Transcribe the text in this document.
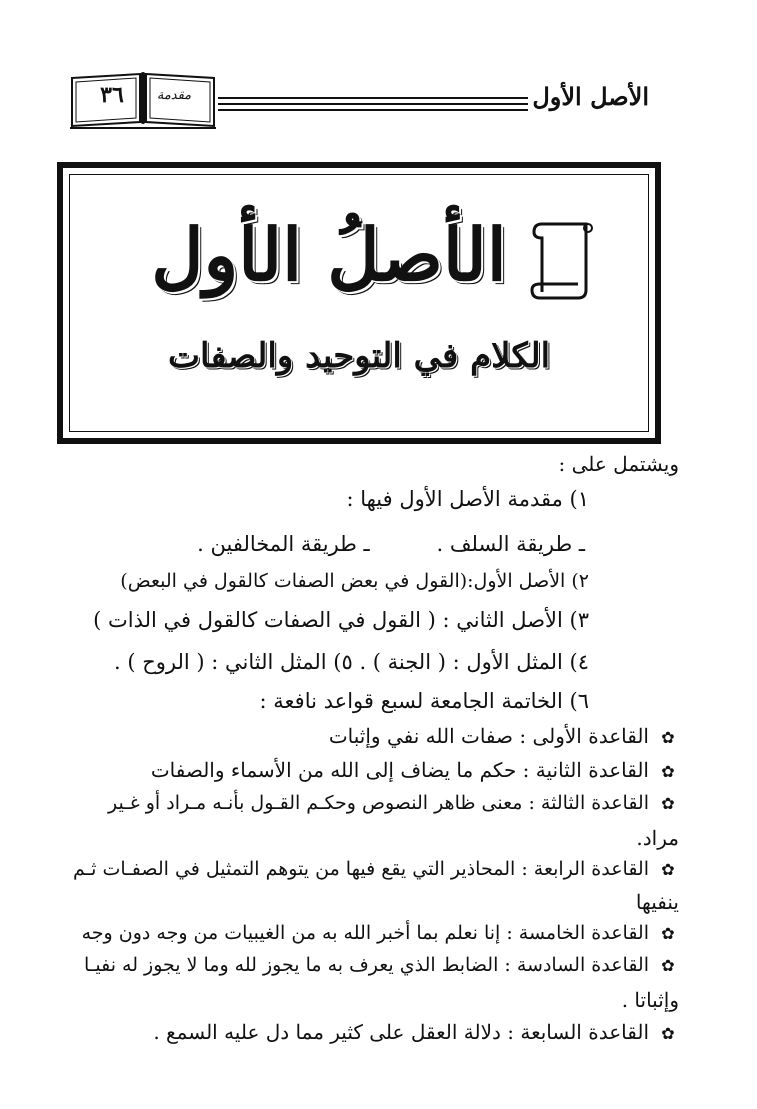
الأصل الأول
٣٦	مقدمة
الأصلُ الأول
الكلام في التوحيد والصفات
ويشتمل على :
١) مقدمة الأصل الأول فيها :
ـ طريقة السلف .          ـ طريقة المخالفين .
٢) الأصل الأول:(القول في بعض الصفات كالقول في البعض)
٣) الأصل الثاني : ( القول في الصفات كالقول في الذات )
٤) المثل الأول : ( الجنة ) . ٥) المثل الثاني : ( الروح ) .
٦) الخاتمة الجامعة لسبع قواعد نافعة :
✿القاعدة الأولى : صفات الله نفي وإثبات
✿القاعدة الثانية : حكم ما يضاف إلى الله من الأسماء والصفات
✿القاعدة الثالثة : معنى ظاهر النصوص وحكـم القـول بأنـه مـراد أو غـير
مراد.
✿القاعدة الرابعة : المحاذير التي يقع فيها من يتوهم التمثيل في الصفـات ثـم
ينفيها
✿القاعدة الخامسة : إنا نعلم بما أخبر الله به من الغيبيات من وجه دون وجه
✿القاعدة السادسة : الضابط الذي يعرف به ما يجوز لله وما لا يجوز له نفيـا
وإثباتا .
✿القاعدة السابعة : دلالة العقل على كثير مما دل عليه السمع .
